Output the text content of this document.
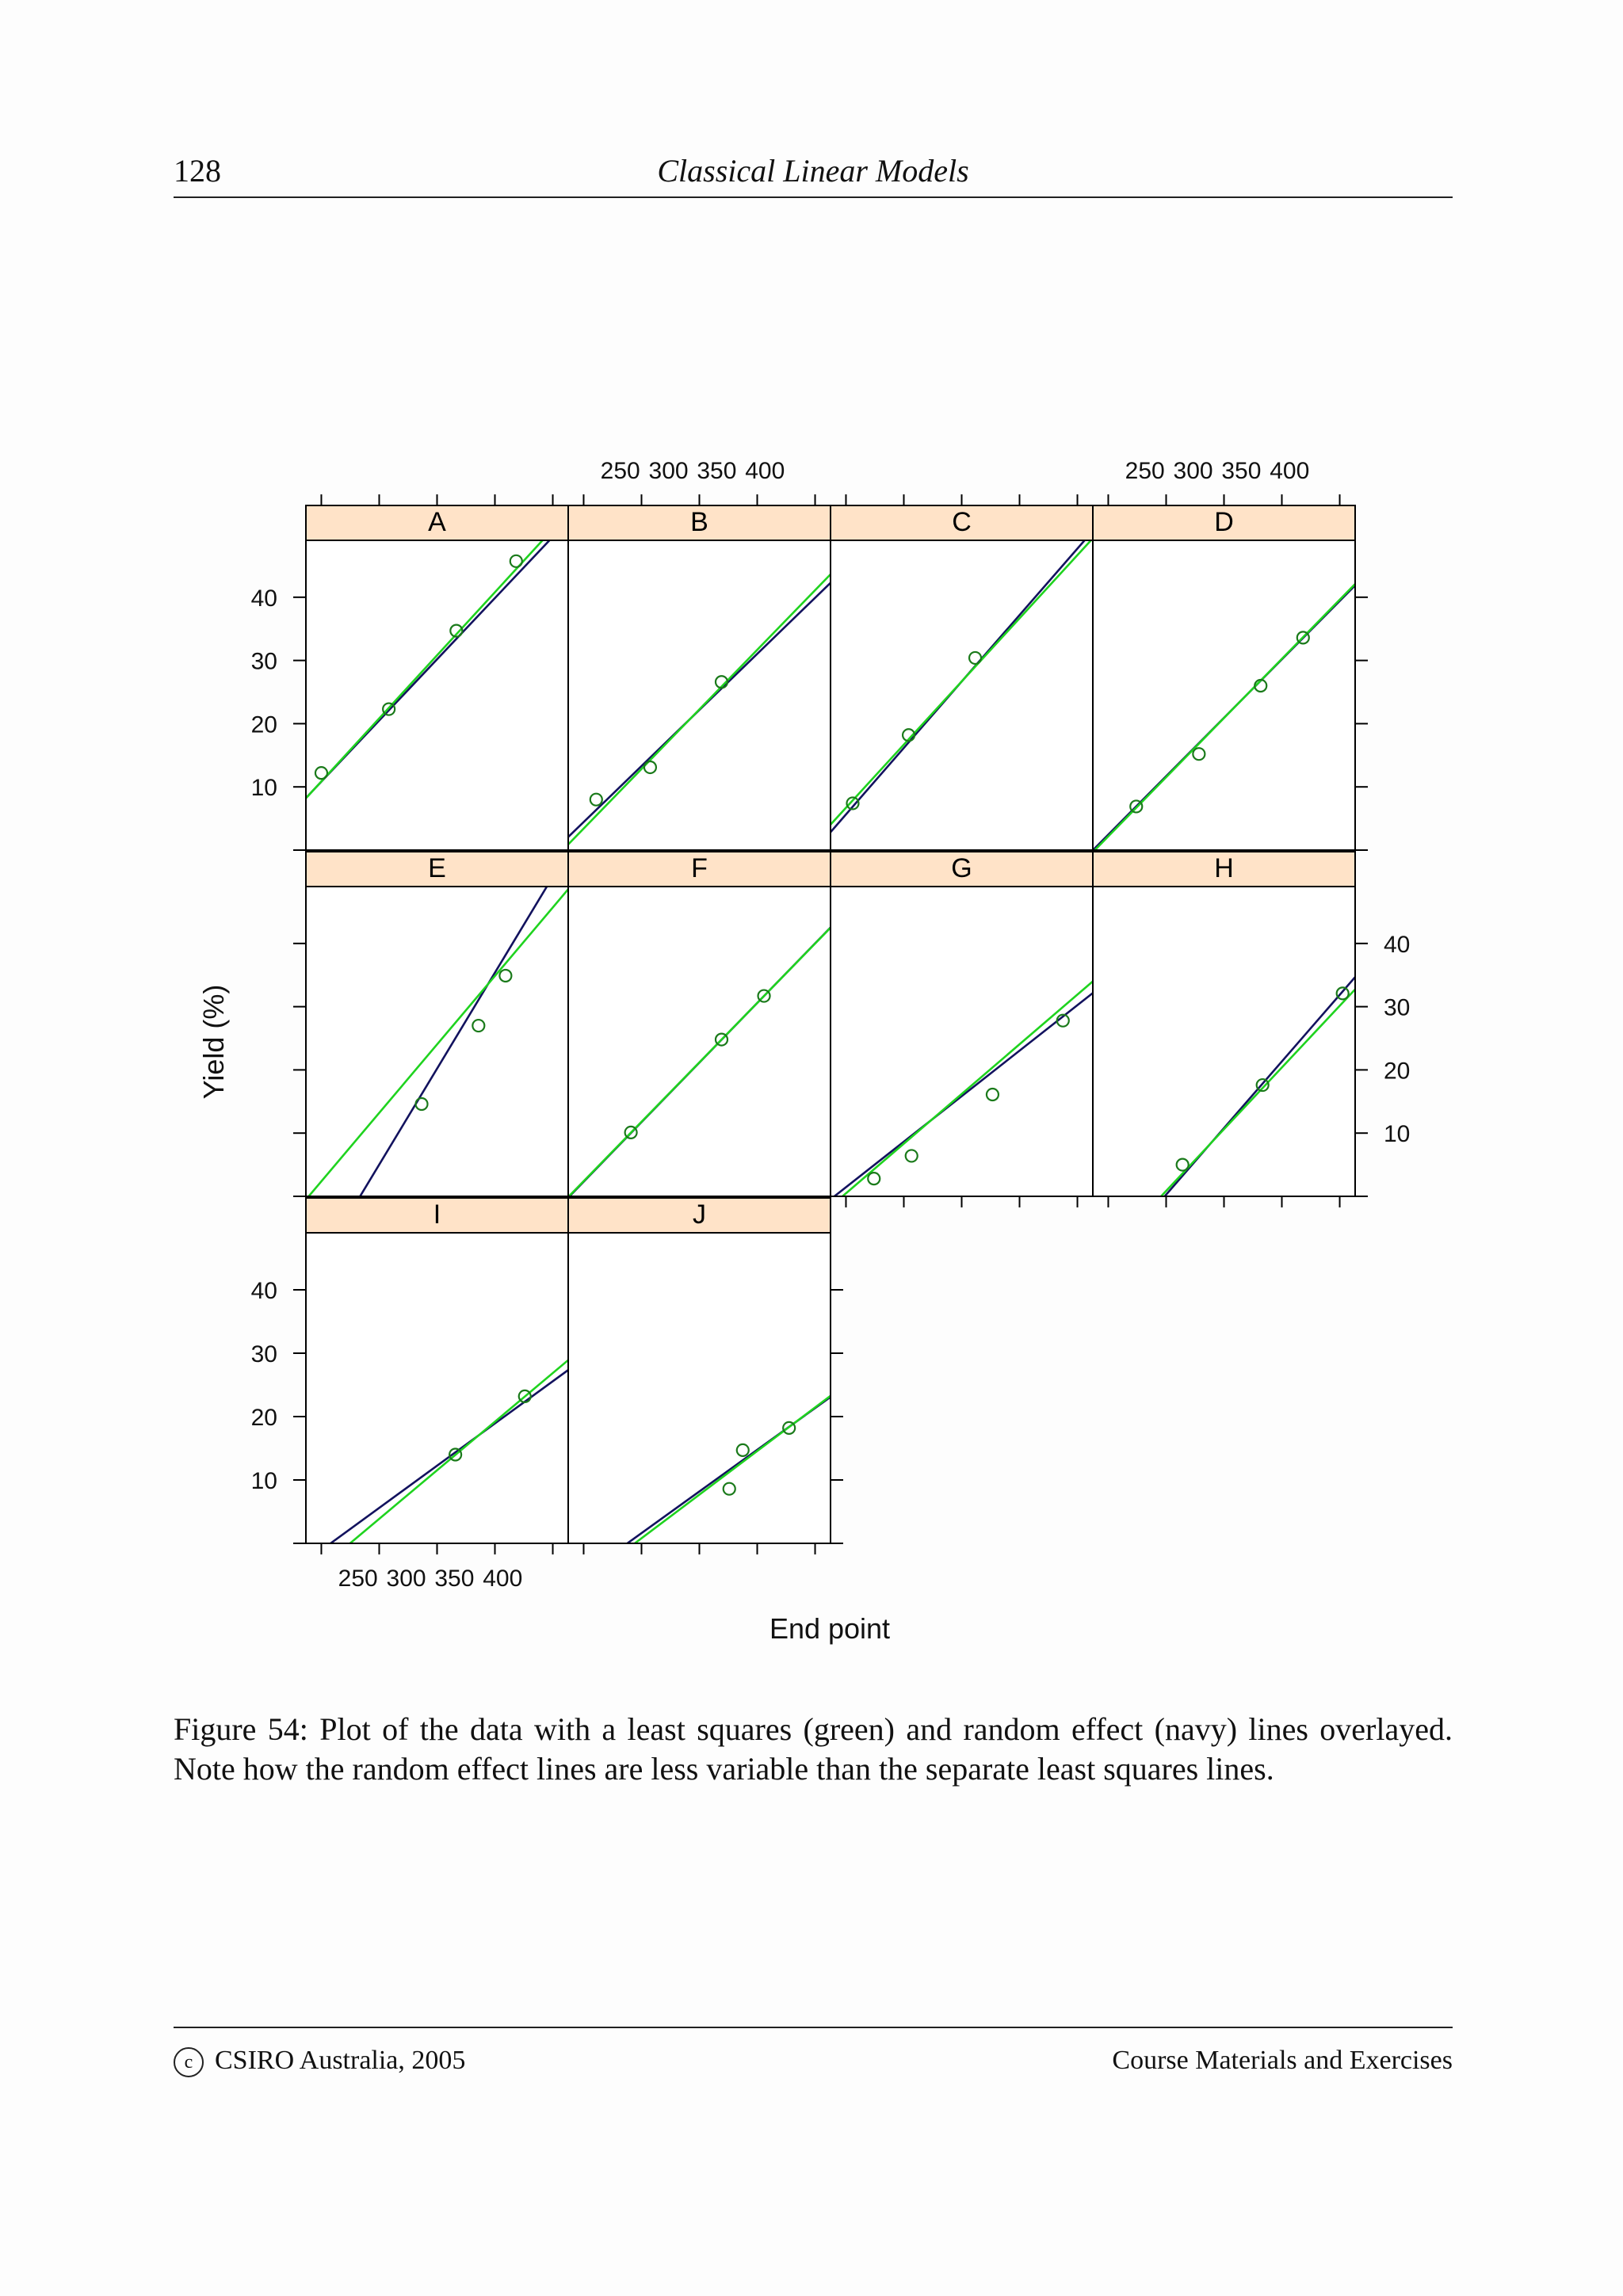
128	Classical Linear Models
A
10
20
30
40
B
250 300 350 400
C	D
250 300 350 400
E	F	G	H
10
20
30
40
I
250 300 350 400
10
20
30
40
J
End point
Yield (%)
Figure 54: Plot of the data with a least squares (green) and random effect (navy) lines overlayed. Note how the random effect lines are less variable than the separate least squares lines.
c CSIRO Australia, 2005	Course Materials and Exercises
